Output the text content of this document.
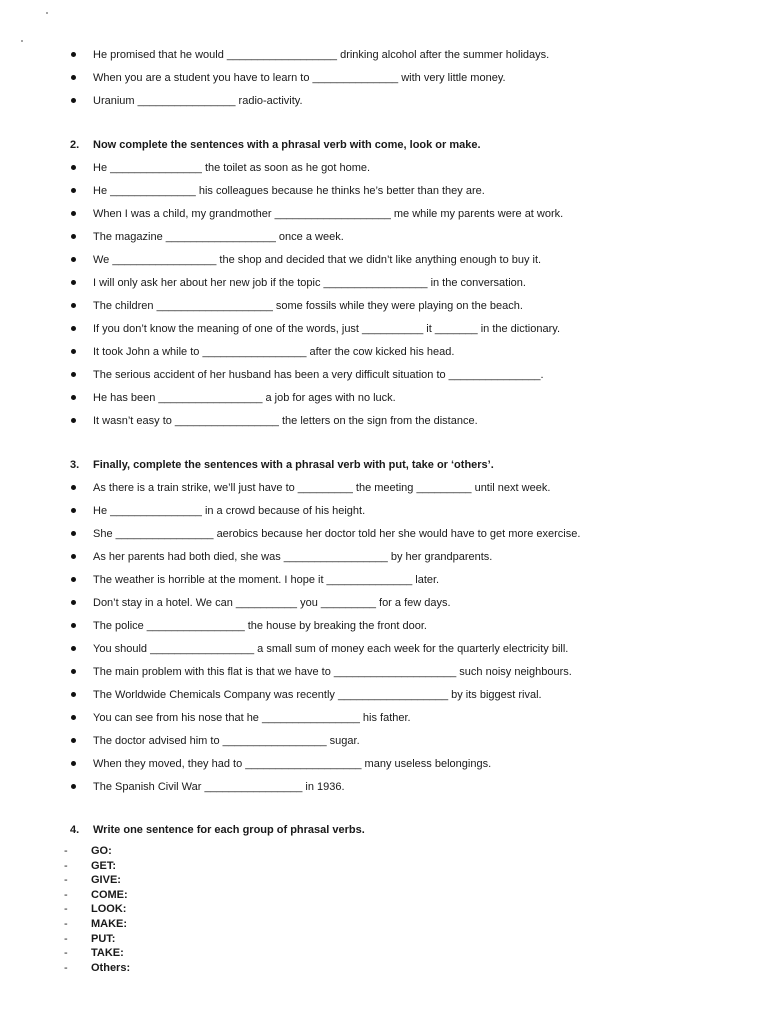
He promised that he would __________________ drinking alcohol after the summer holidays.
When you are a student you have to learn to ______________ with very little money.
Uranium ________________ radio-activity.
2. Now complete the sentences with a phrasal verb with come, look or make.
He _______________ the toilet as soon as he got home.
He ______________ his colleagues because he thinks he’s better than they are.
When I was a child, my grandmother ___________________ me while my parents were at work.
The magazine __________________ once a week.
We _________________ the shop and decided that we didn’t like anything enough to buy it.
I will only ask her about her new job if the topic _________________ in the conversation.
The children ___________________ some fossils while they were playing on the beach.
If you don’t know the meaning of one of the words, just __________ it _______ in the dictionary.
It took John a while to _________________ after the cow kicked his head.
The serious accident of her husband has been a very difficult situation to _______________.
He has been _________________ a job for ages with no luck.
It wasn’t easy to _________________ the letters on the sign from the distance.
3. Finally, complete the sentences with a phrasal verb with put, take or ‘others’.
As there is a train strike, we’ll just have to _________ the meeting _________ until next week.
He _______________ in a crowd because of his height.
She ________________ aerobics because her doctor told her she would have to get more exercise.
As her parents had both died, she was _________________ by her grandparents.
The weather is horrible at the moment. I hope it ______________ later.
Don’t stay in a hotel. We can __________ you _________ for a few days.
The police ________________ the house by breaking the front door.
You should _________________ a small sum of money each week for the quarterly electricity bill.
The main problem with this flat is that we have to ____________________ such noisy neighbours.
The Worldwide Chemicals Company was recently __________________ by its biggest rival.
You can see from his nose that he ________________ his father.
The doctor advised him to _________________ sugar.
When they moved, they had to ___________________ many useless belongings.
The Spanish Civil War ________________ in 1936.
4. Write one sentence for each group of phrasal verbs.
- GO:
- GET:
- GIVE:
- COME:
- LOOK:
- MAKE:
- PUT:
- TAKE:
- Others:
